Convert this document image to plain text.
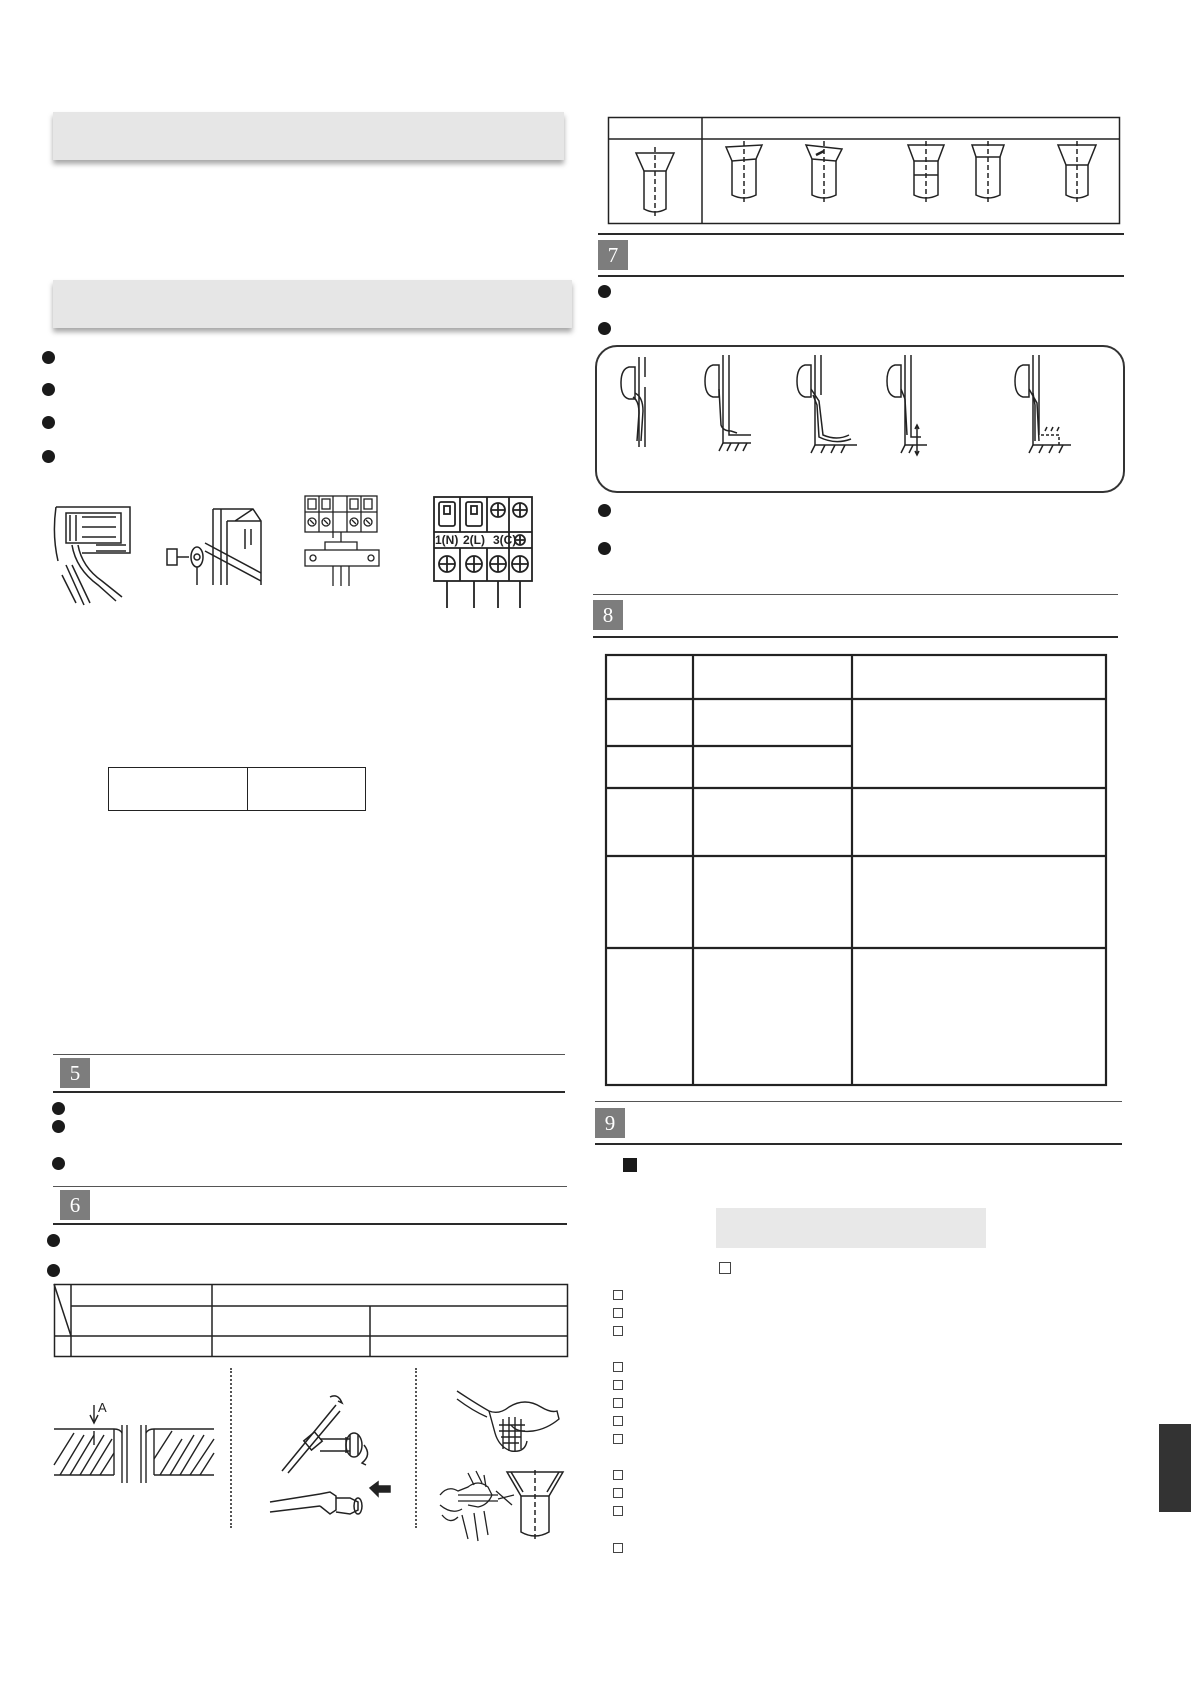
1(N) 2(L) 3(C)

5
6
A
7
8
9
